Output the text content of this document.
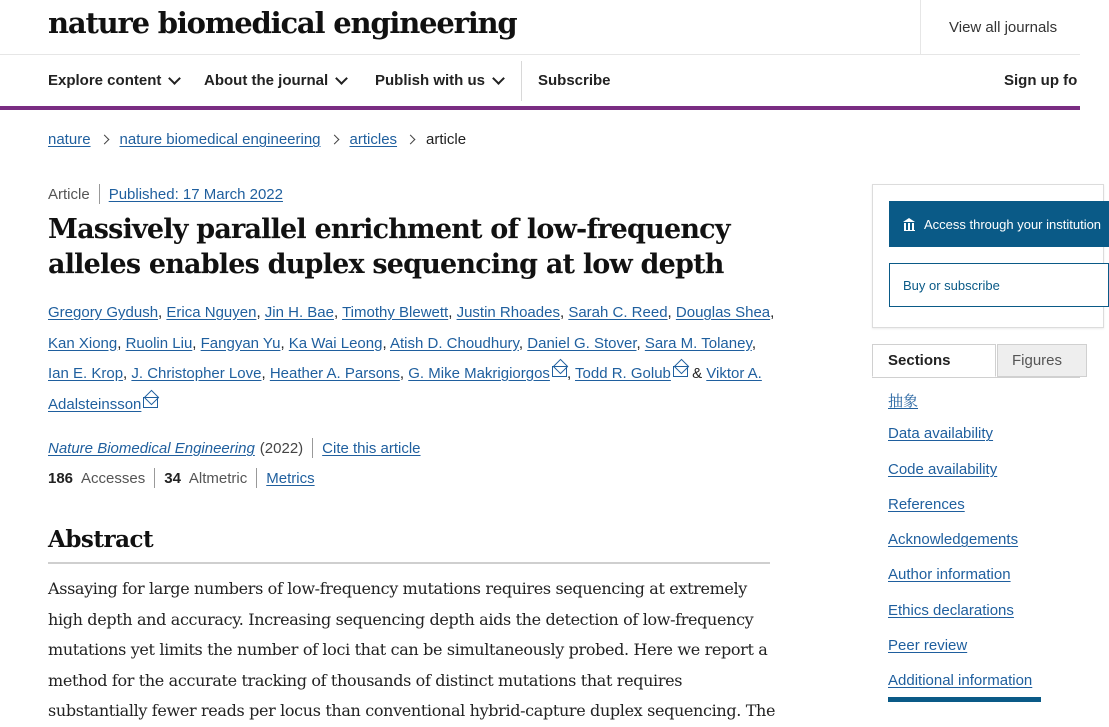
nature biomedical engineering	View all journals
Explore content	About the journal	Publish with us	Subscribe	Sign up fo
nature nature biomedical engineering articles article
Article Published: 17 March 2022
Massively parallel enrichment of low-frequency alleles enables duplex sequencing at low depth
Gregory Gydush, Erica Nguyen, Jin H. Bae, Timothy Blewett, Justin Rhoades, Sarah C. Reed, Douglas Shea, Kan Xiong, Ruolin Liu, Fangyan Yu, Ka Wai Leong, Atish D. Choudhury, Daniel G. Stover, Sara M. Tolaney, Ian E. Krop, J. Christopher Love, Heather A. Parsons, G. Mike Makrigiorgos , Todd R. Golub & Viktor A. Adalsteinsson
Nature Biomedical Engineering (2022) Cite this article
186 Accesses 34 Altmetric Metrics
Abstract

Assaying for large numbers of low-frequency mutations requires sequencing at extremely high depth and accuracy. Increasing sequencing depth aids the detection of low-frequency mutations yet limits the number of loci that can be simultaneously probed. Here we report a method for the accurate tracking of thousands of distinct mutations that requires substantially fewer reads per locus than conventional hybrid-capture duplex sequencing. The

Access through your institution
Buy or subscribe
Sections	Figures
抽象
Data availability
Code availability
References
Acknowledgements
Author information
Ethics declarations
Peer review
Additional information
